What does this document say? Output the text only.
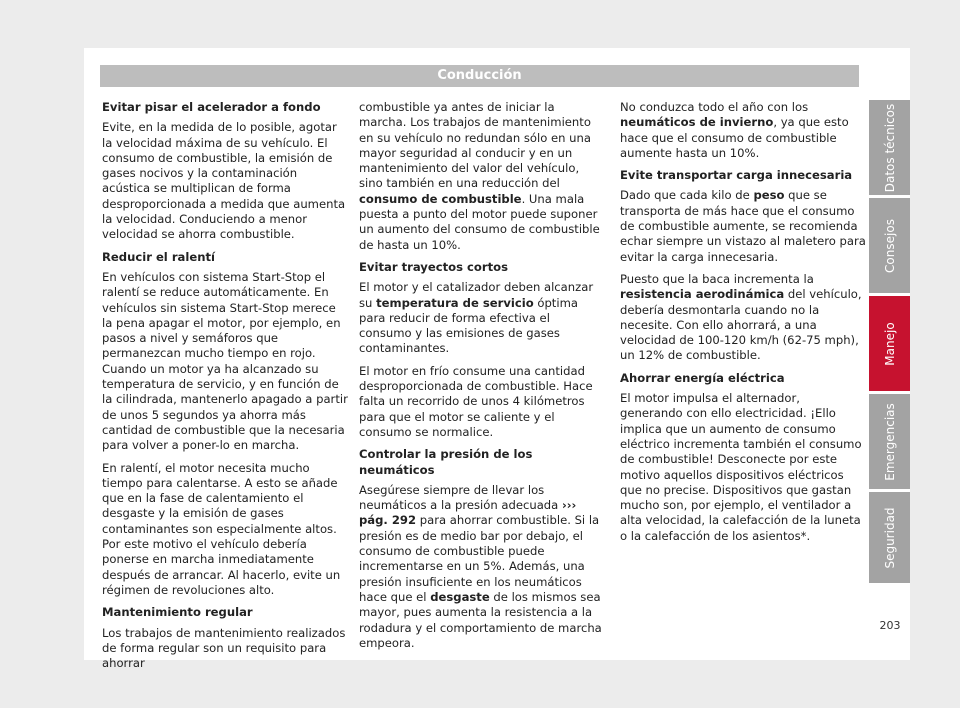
Conducción

Evitar pisar el acelerador a fondo

Evite, en la medida de lo posible, agotar la velocidad máxima de su vehículo. El consumo de combustible, la emisión de gases nocivos y la contaminación acústica se multiplican de forma desproporcionada a medida que aumenta la velocidad. Conduciendo a menor velocidad se ahorra combustible.

Reducir el ralentí

En vehículos con sistema Start-Stop el ralentí se reduce automáticamente. En vehículos sin sistema Start-Stop merece la pena apagar el motor, por ejemplo, en pasos a nivel y semáforos que permanezcan mucho tiempo en rojo. Cuando un motor ya ha alcanzado su temperatura de servicio, y en función de la cilindrada, mantenerlo apagado a partir de unos 5 segundos ya ahorra más cantidad de combustible que la necesaria para volver a poner-lo en marcha.

En ralentí, el motor necesita mucho tiempo para calentarse. A esto se añade que en la fase de calentamiento el desgaste y la emisión de gases contaminantes son especialmente altos. Por este motivo el vehículo debería ponerse en marcha inmediatamente después de arrancar. Al hacerlo, evite un régimen de revoluciones alto.

Mantenimiento regular

Los trabajos de mantenimiento realizados de forma regular son un requisito para ahorrar

combustible ya antes de iniciar la marcha. Los trabajos de mantenimiento en su vehículo no redundan sólo en una mayor seguridad al conducir y en un mantenimiento del valor del vehículo, sino también en una reducción del consumo de combustible. Una mala puesta a punto del motor puede suponer un aumento del consumo de combustible de hasta un 10%.

Evitar trayectos cortos

El motor y el catalizador deben alcanzar su temperatura de servicio óptima para reducir de forma efectiva el consumo y las emisiones de gases contaminantes.

El motor en frío consume una cantidad desproporcionada de combustible. Hace falta un recorrido de unos 4 kilómetros para que el motor se caliente y el consumo se normalice.

Controlar la presión de los neumáticos

Asegúrese siempre de llevar los neumáticos a la presión adecuada ››› pág. 292 para ahorrar combustible. Si la presión es de medio bar por debajo, el consumo de combustible puede incrementarse en un 5%. Además, una presión insuficiente en los neumáticos hace que el desgaste de los mismos sea mayor, pues aumenta la resistencia a la rodadura y el comportamiento de marcha empeora.

No conduzca todo el año con los neumáticos de invierno, ya que esto hace que el consumo de combustible aumente hasta un 10%.

Evite transportar carga innecesaria

Dado que cada kilo de peso que se transporta de más hace que el consumo de combustible aumente, se recomienda echar siempre un vistazo al maletero para evitar la carga innecesaria.

Puesto que la baca incrementa la resistencia aerodinámica del vehículo, debería desmontarla cuando no la necesite. Con ello ahorrará, a una velocidad de 100-120 km/h (62-75 mph), un 12% de combustible.

Ahorrar energía eléctrica

El motor impulsa el alternador, generando con ello electricidad. ¡Ello implica que un aumento de consumo eléctrico incrementa también el consumo de combustible! Desconecte por este motivo aquellos dispositivos eléctricos que no precise. Dispositivos que gastan mucho son, por ejemplo, el ventilador a alta velocidad, la calefacción de la luneta o la calefacción de los asientos*.

Datos técnicos
Consejos
Manejo
Emergencias
Seguridad
203
